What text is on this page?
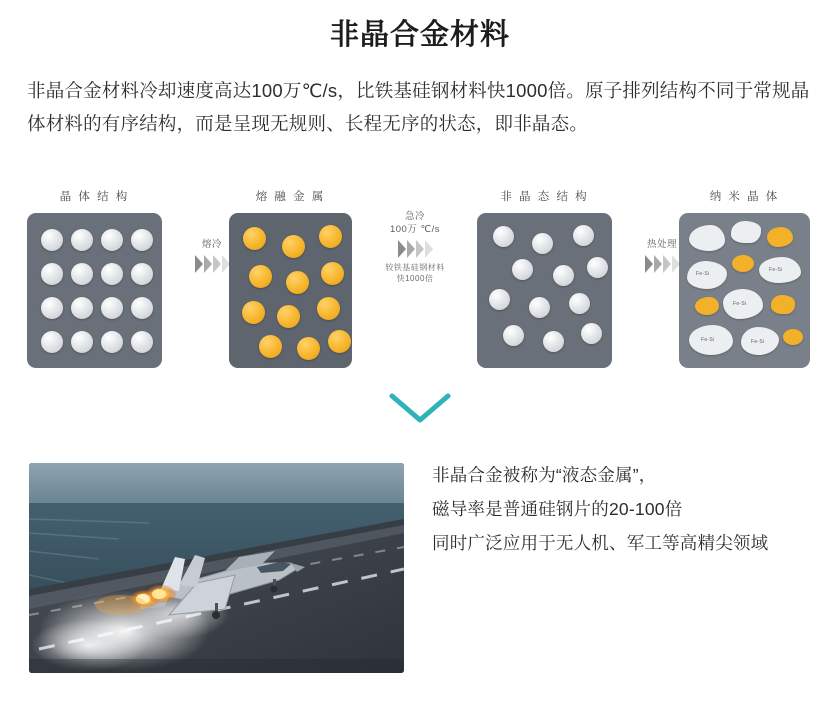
非晶合金材料
非晶合金材料冷却速度高达100万℃/s，比铁基硅钢材料快1000倍。原子排列结构不同于常规晶体材料的有序结构，而是呈现无规则、长程无序的状态，即非晶态。
晶 体 结 构
熔冷
熔 融 金 属
急冷
100万 ℃/s
较铁基硅钢材料
快1000倍
非 晶 态 结 构
热处理
纳 米 晶 体
Fe-Si
Fe-Si
Fe-Si
Fe-Si	Fe-Si
非晶合金被称为“液态金属”，
磁导率是普通硅钢片的20-100倍
同时广泛应用于无人机、军工等高精尖领域
